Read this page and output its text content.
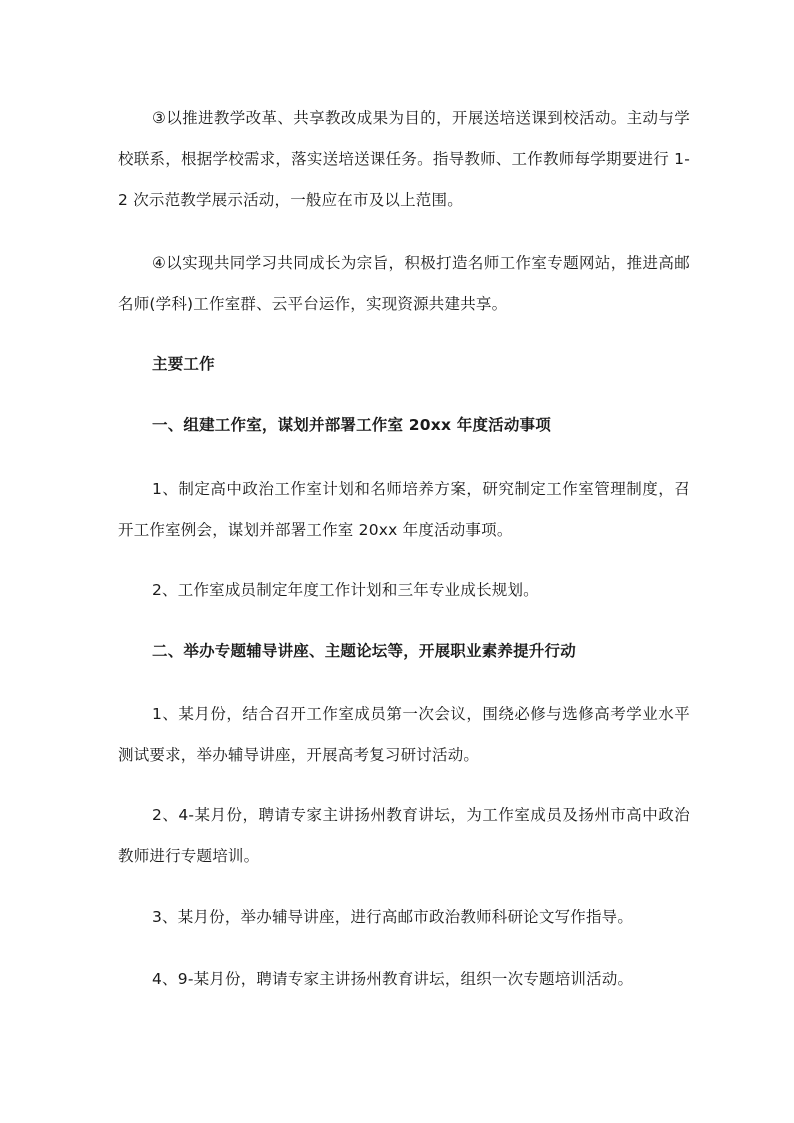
③以推进教学改革、共享教改成果为目的，开展送培送课到校活动。主动与学校联系，根据学校需求，落实送培送课任务。指导教师、工作教师每学期要进行 1-2 次示范教学展示活动，一般应在市及以上范围。

④以实现共同学习共同成长为宗旨，积极打造名师工作室专题网站，推进高邮名师(学科)工作室群、云平台运作，实现资源共建共享。

主要工作

一、组建工作室，谋划并部署工作室 20xx 年度活动事项

1、制定高中政治工作室计划和名师培养方案，研究制定工作室管理制度，召开工作室例会，谋划并部署工作室 20xx 年度活动事项。

2、工作室成员制定年度工作计划和三年专业成长规划。

二、举办专题辅导讲座、主题论坛等，开展职业素养提升行动

1、某月份，结合召开工作室成员第一次会议，围绕必修与选修高考学业水平测试要求，举办辅导讲座，开展高考复习研讨活动。

2、4-某月份，聘请专家主讲扬州教育讲坛，为工作室成员及扬州市高中政治教师进行专题培训。

3、某月份，举办辅导讲座，进行高邮市政治教师科研论文写作指导。

4、9-某月份，聘请专家主讲扬州教育讲坛，组织一次专题培训活动。
